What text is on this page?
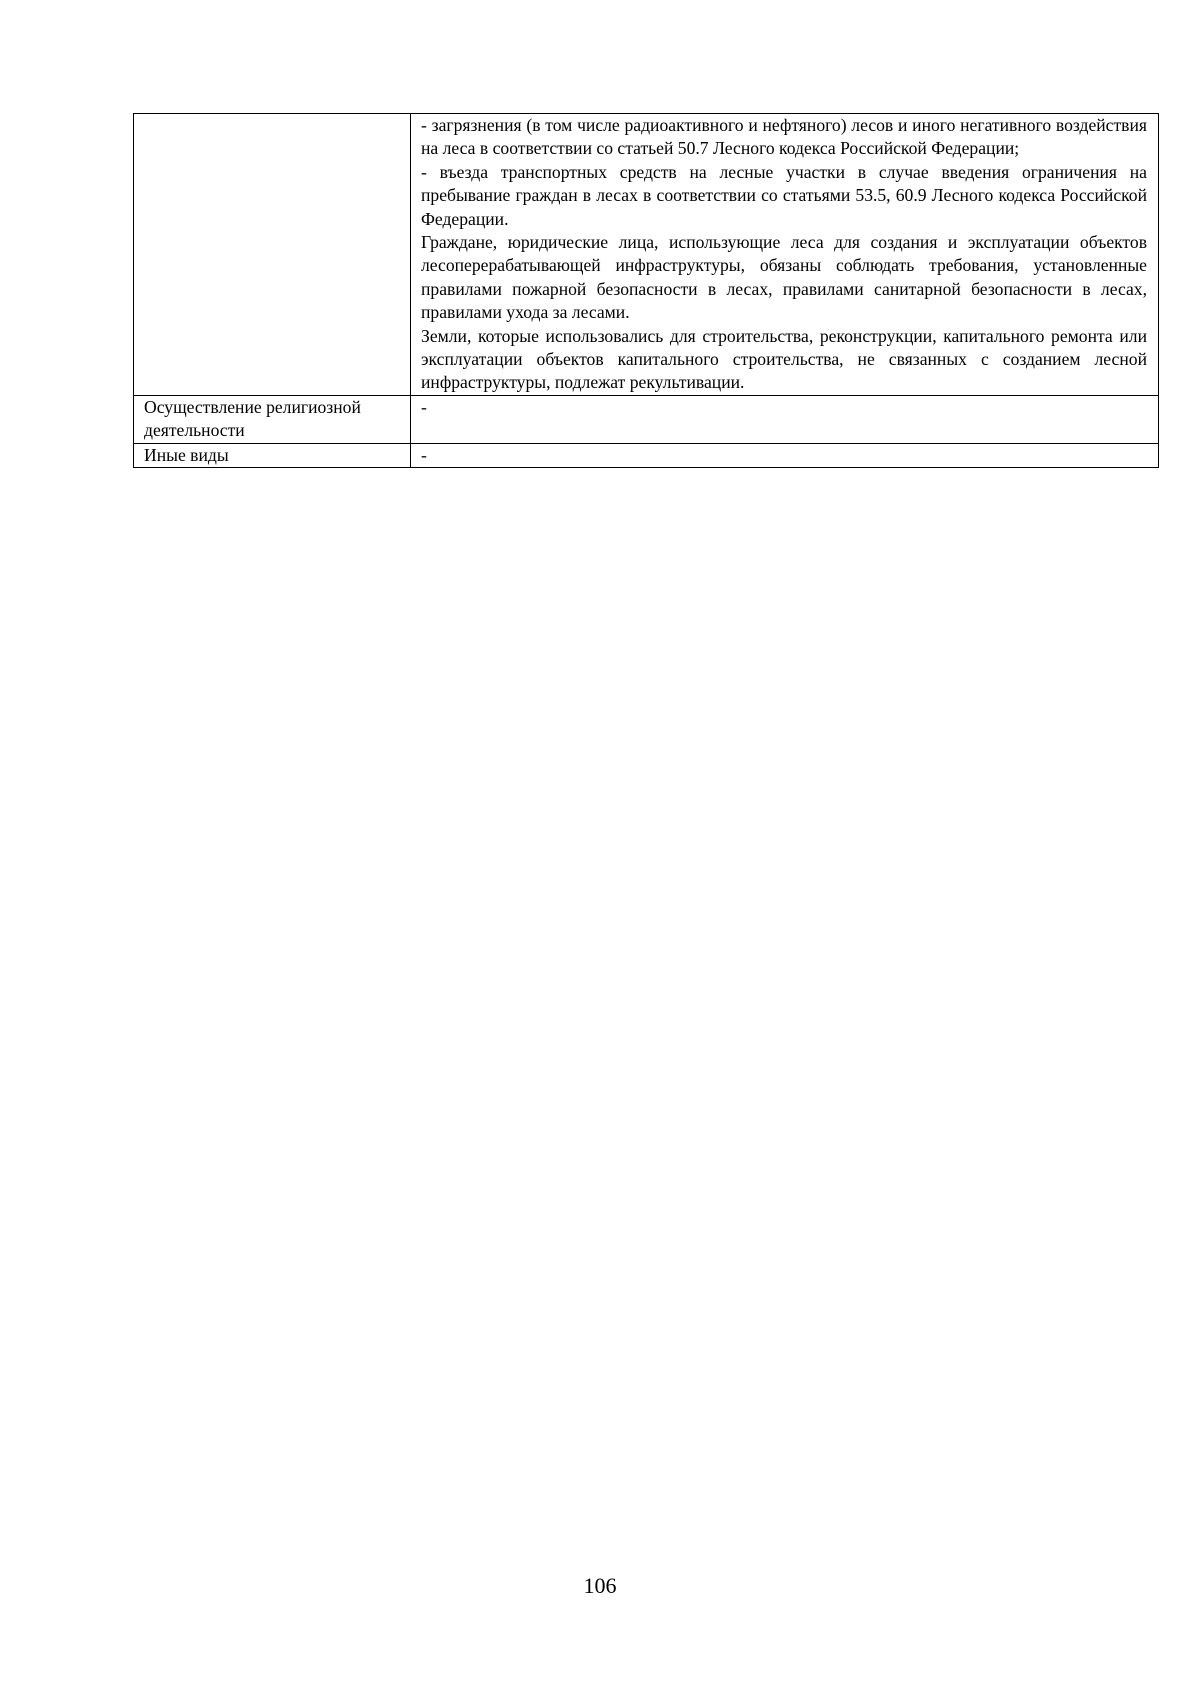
	- загрязнения (в том числе радиоактивного и нефтяного) лесов и иного негативного воздействия на леса в соответствии со статьей 50.7 Лесного кодекса Российской Федерации;

- въезда транспортных средств на лесные участки в случае введения ограничения на пребывание граждан в лесах в соответствии со статьями 53.5, 60.9 Лесного кодекса Российской Федерации.

Граждане, юридические лица, использующие леса для создания и эксплуатации объектов лесоперерабатывающей инфраструктуры, обязаны соблюдать требования, установленные правилами пожарной безопасности в лесах, правилами санитарной безопасности в лесах, правилами ухода за лесами.

Земли, которые использовались для строительства, реконструкции, капитального ремонта или эксплуатации объектов капитального строительства, не связанных с созданием лесной инфраструктуры, подлежат рекультивации.

Осуществление религиозной деятельности	-

Иные виды	-

106
